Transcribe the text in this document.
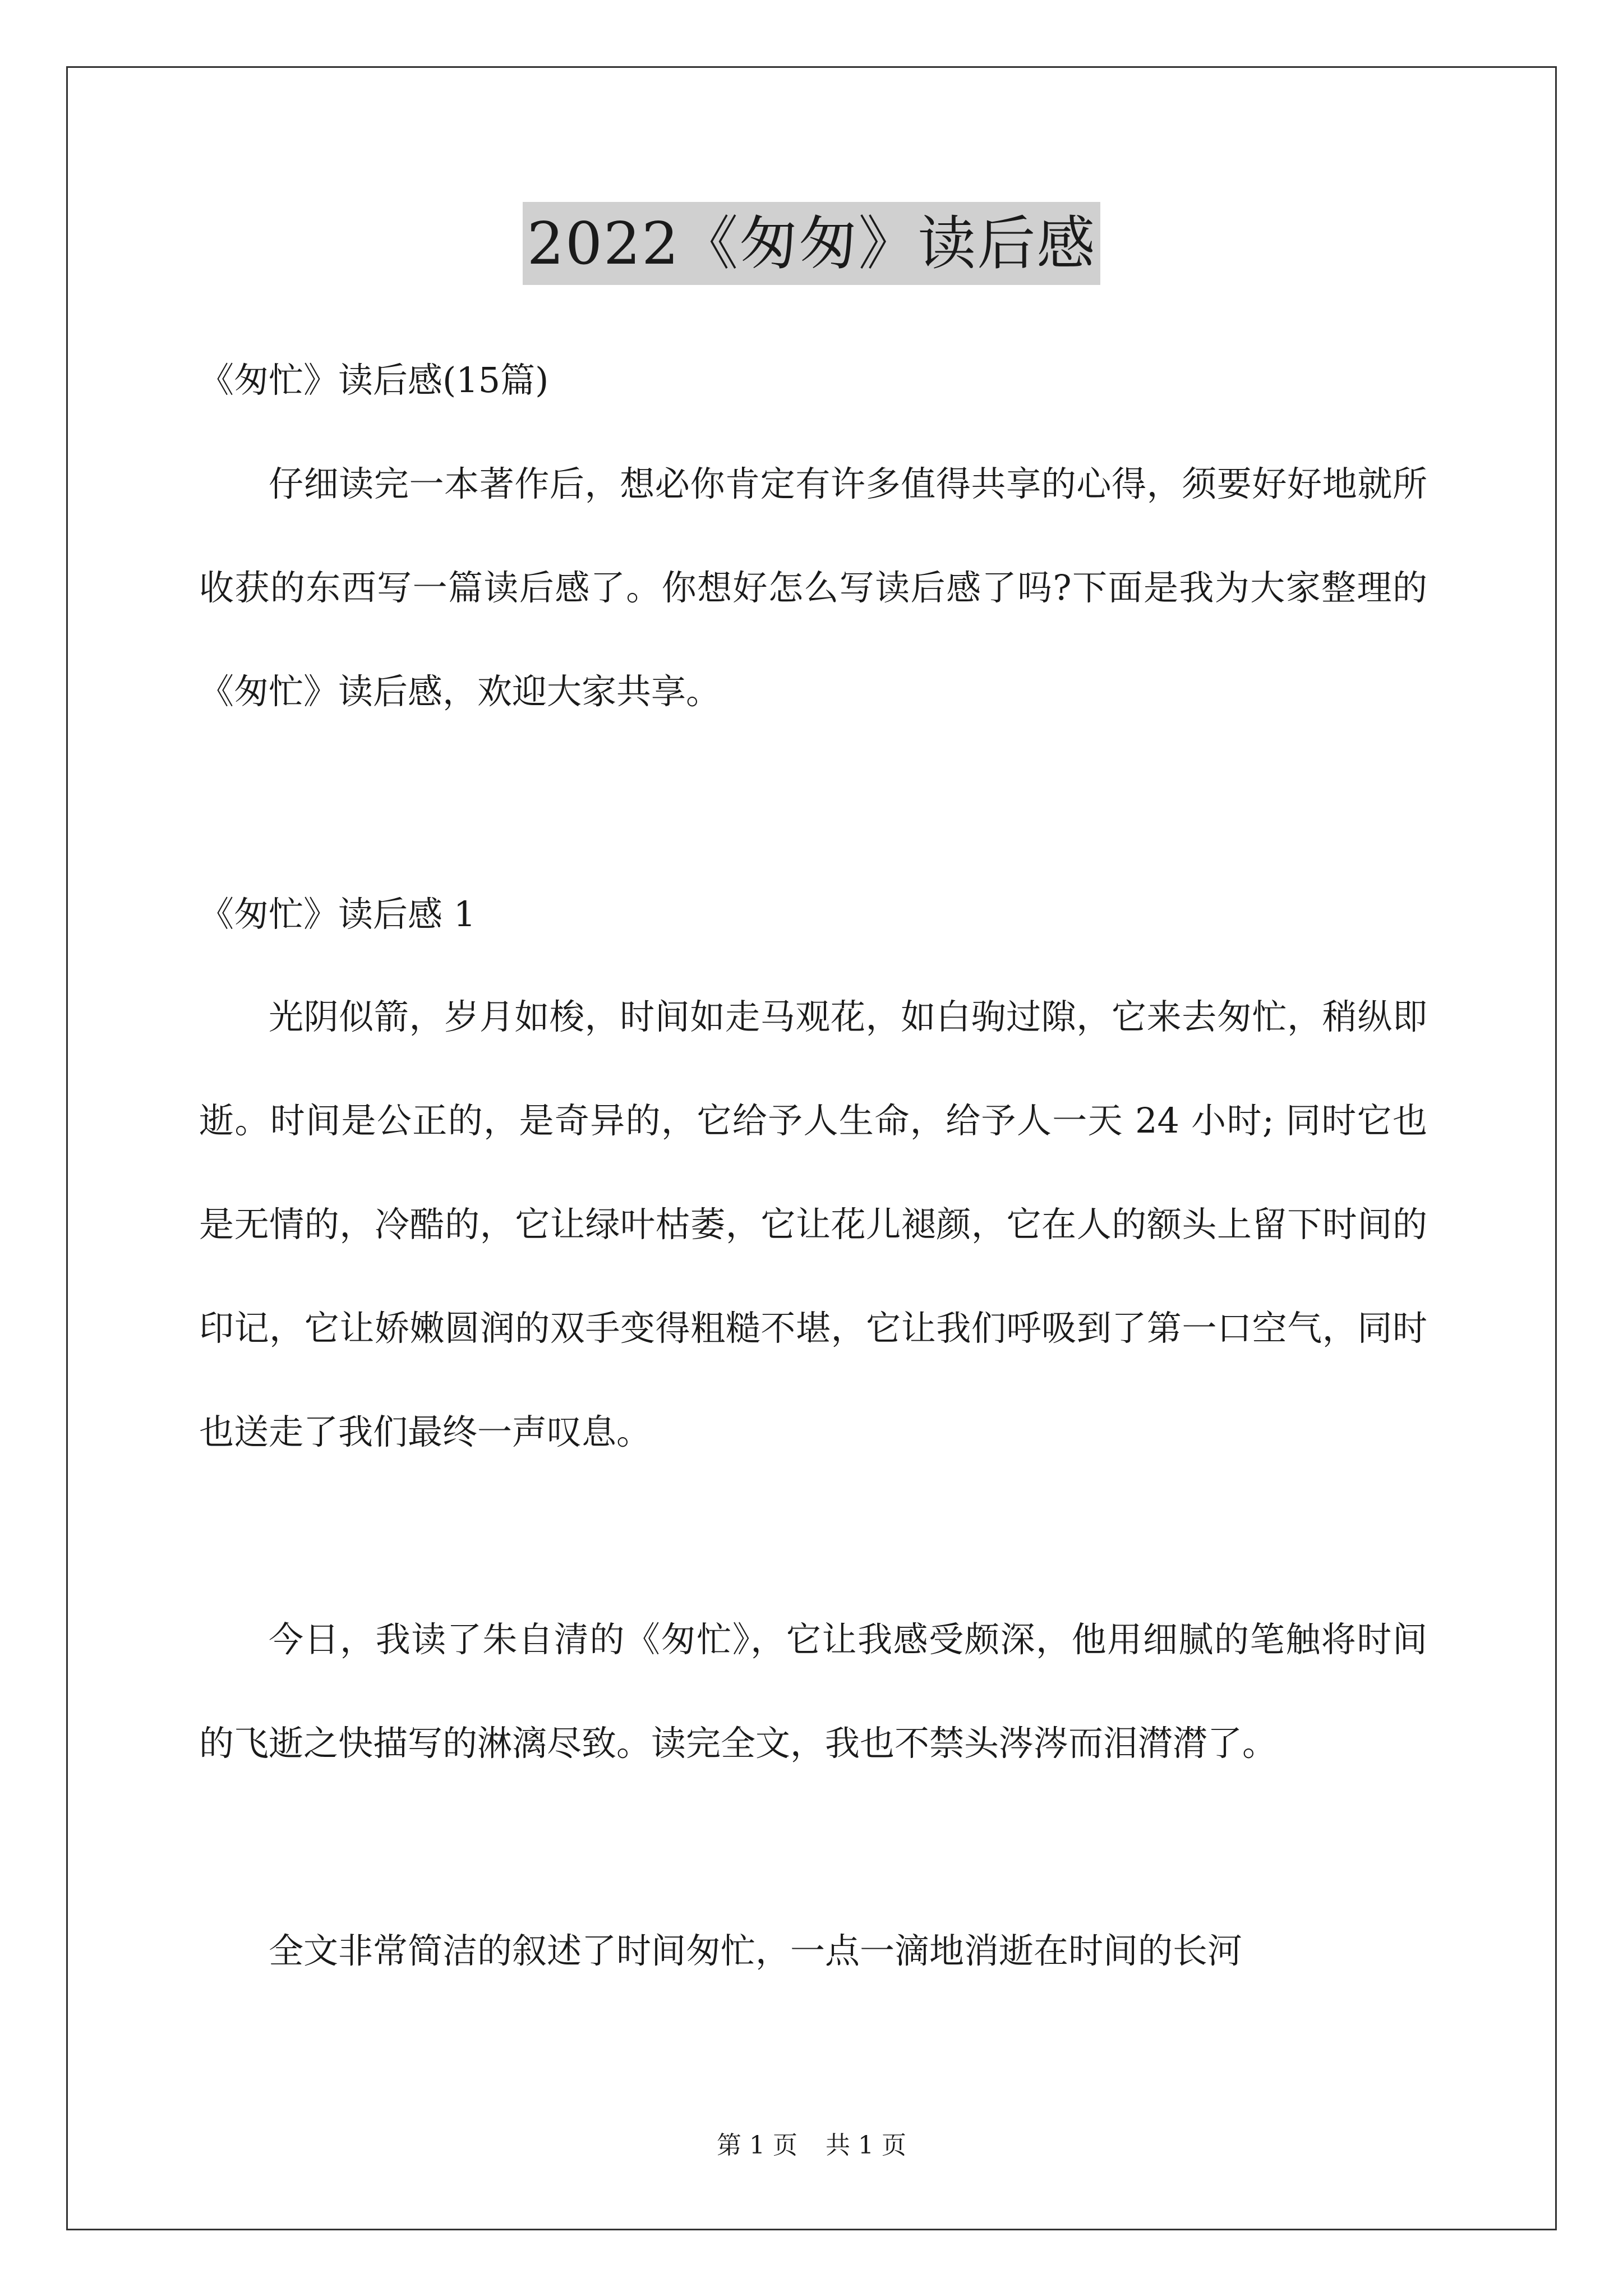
2022《匆匆》读后感
《匆忙》读后感(15篇)

仔细读完一本著作后，想必你肯定有许多值得共享的心得，须要好好地就所收获的东西写一篇读后感了。你想好怎么写读后感了吗?下面是我为大家整理的《匆忙》读后感，欢迎大家共享。

《匆忙》读后感 1

光阴似箭，岁月如梭，时间如走马观花，如白驹过隙，它来去匆忙，稍纵即逝。时间是公正的，是奇异的，它给予人生命，给予人一天 24 小时; 同时它也是无情的，冷酷的，它让绿叶枯萎，它让花儿褪颜，它在人的额头上留下时间的印记，它让娇嫩圆润的双手变得粗糙不堪，它让我们呼吸到了第一口空气，同时也送走了我们最终一声叹息。

今日，我读了朱自清的《匆忙》，它让我感受颇深，他用细腻的笔触将时间的飞逝之快描写的淋漓尽致。读完全文，我也不禁头涔涔而泪潸潸了。

全文非常简洁的叙述了时间匆忙，一点一滴地消逝在时间的长河

第 1 页 共 1 页
